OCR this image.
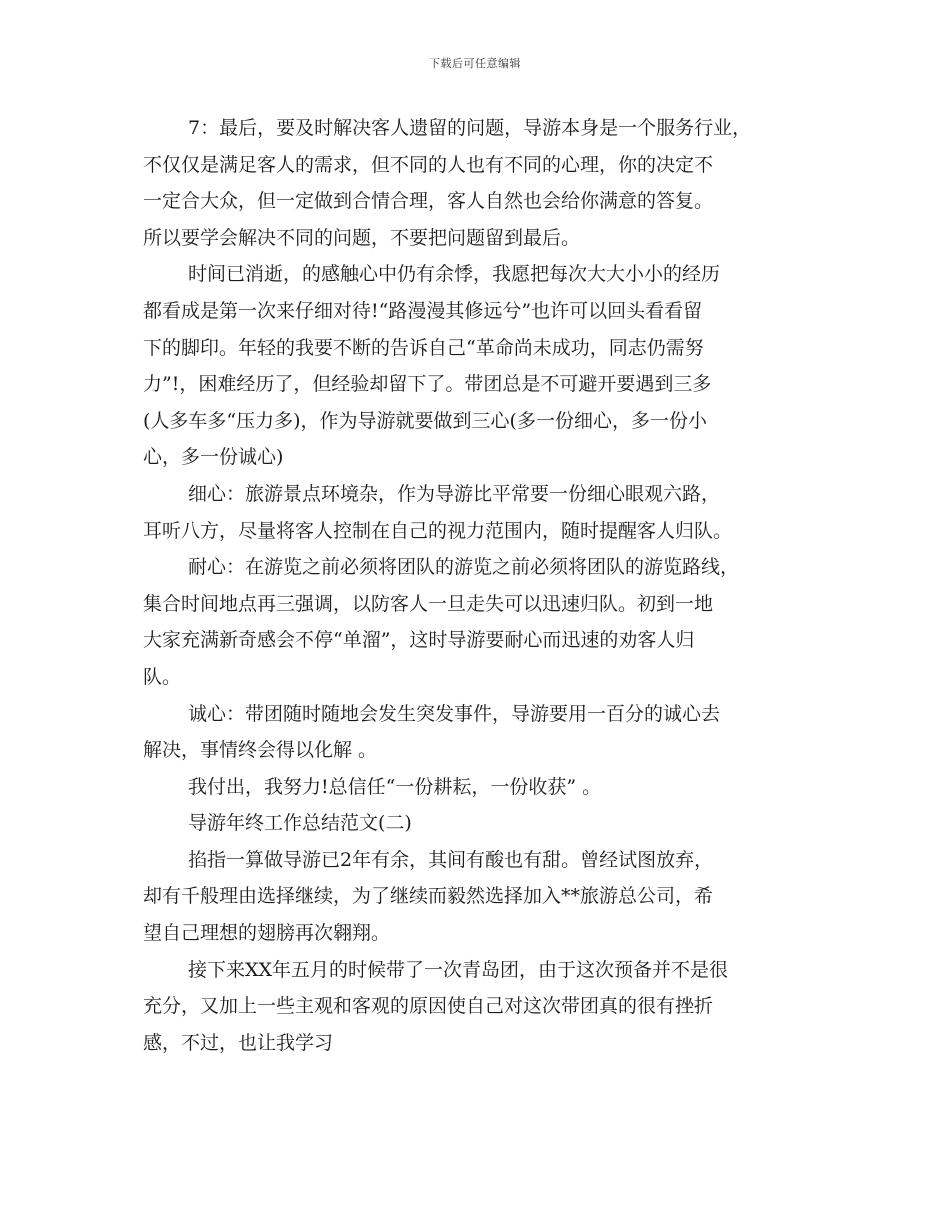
下载后可任意编辑
7：最后，要及时解决客人遗留的问题，导游本身是一个服务行业，
不仅仅是满足客人的需求，但不同的人也有不同的心理，你的决定不
一定合大众，但一定做到合情合理，客人自然也会给你满意的答复。
所以要学会解决不同的问题，不要把问题留到最后。
时间已消逝，的感触心中仍有余悸，我愿把每次大大小小的经历
都看成是第一次来仔细对待!“路漫漫其修远兮”也许可以回头看看留
下的脚印。年轻的我要不断的告诉自己“革命尚未成功，同志仍需努
力”!，困难经历了，但经验却留下了。带团总是不可避开要遇到三多
(人多车多“压力多)，作为导游就要做到三心(多一份细心，多一份小
心，多一份诚心)
细心：旅游景点环境杂，作为导游比平常要一份细心眼观六路，
耳听八方，尽量将客人控制在自己的视力范围内，随时提醒客人归队。
耐心：在游览之前必须将团队的游览之前必须将团队的游览路线，
集合时间地点再三强调，以防客人一旦走失可以迅速归队。初到一地
大家充满新奇感会不停“单溜”，这时导游要耐心而迅速的劝客人归
队。
诚心：带团随时随地会发生突发事件，导游要用一百分的诚心去
解决，事情终会得以化解 。
我付出，我努力!总信任“一份耕耘，一份收获” 。
导游年终工作总结范文(二)
掐指一算做导游已2年有余，其间有酸也有甜。曾经试图放弃，
却有千般理由选择继续，为了继续而毅然选择加入**旅游总公司，希
望自己理想的翅膀再次翱翔。
接下来XX年五月的时候带了一次青岛团，由于这次预备并不是很
充分，又加上一些主观和客观的原因使自己对这次带团真的很有挫折
感，不过，也让我学习
